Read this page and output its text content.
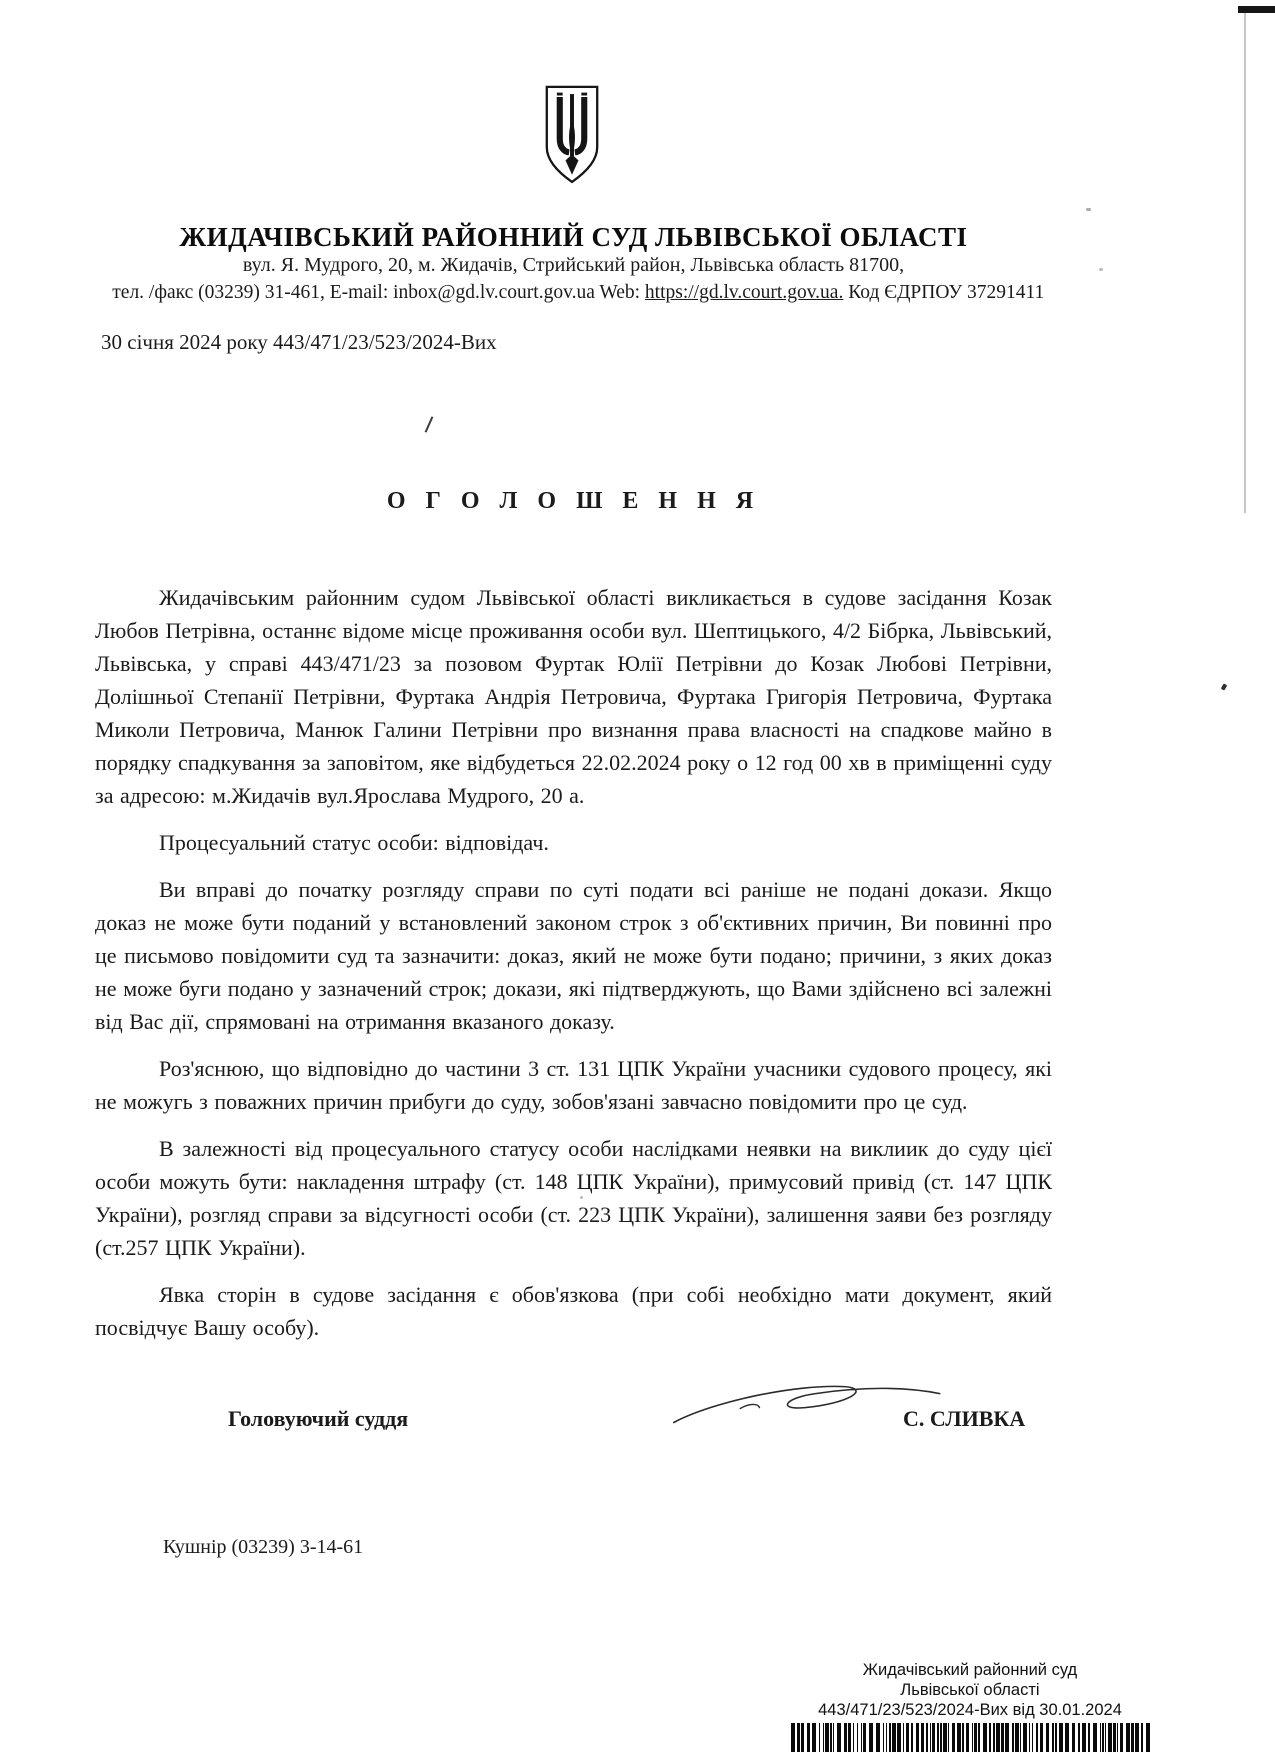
ЖИДАЧІВСЬКИЙ РАЙОННИЙ СУД ЛЬВІВСЬКОЇ ОБЛАСТІ
вул. Я. Мудрого, 20, м. Жидачів, Стрийський район, Львівська область 81700,
тел. /факс (03239) 31-461, E-mail: inbox@gd.lv.court.gov.ua Web: https://gd.lv.court.gov.ua. Код ЄДРПОУ 37291411
30 січня 2024 року 443/471/23/523/2024-Вих
О Г О Л О Ш Е Н Н Я

Жидачівським районним судом Львівської області викликається в судове засідання Козак Любов Петрівна, останнє відоме місце проживання особи вул. Шептицького, 4/2 Бібрка, Львівський, Львівська, у справі 443/471/23 за позовом Фуртак Юлії Петрівни до Козак Любові Петрівни, Долішньої Степанії Петрівни, Фуртака Андрія Петровича, Фуртака Григорія Петровича, Фуртака Миколи Петровича, Манюк Галини Петрівни про визнання права власності на спадкове майно в порядку спадкування за заповітом, яке відбудеться 22.02.2024 року о 12 год 00 хв в приміщенні суду за адресою: м.Жидачів вул.Ярослава Мудрого, 20 а.

Процесуальний статус особи: відповідач.

Ви вправі до початку розгляду справи по суті подати всі раніше не подані докази. Якщо доказ не може бути поданий у встановлений законом строк з об'єктивних причин, Ви повинні про це письмово повідомити суд та зазначити: доказ, який не може бути подано; причини, з яких доказ не може буги подано у зазначений строк; докази, які підтверджують, що Вами здійснено всі залежні від Вас дії, спрямовані на отримання вказаного доказу.

Роз'яснюю, що відповідно до частини 3 ст. 131 ЦПК України учасники судового процесу, які не можугь з поважних причин прибуги до суду, зобов'язані завчасно повідомити про це суд.

В залежності від процесуального статусу особи наслідками неявки на виклиик до суду цієї особи можуть бути: накладення штрафу (ст. 148 ЦПК України), примусовий привід (ст. 147 ЦПК України), розгляд справи за відсугності особи (ст. 223 ЦПК України), залишення заяви без розгляду (ст.257 ЦПК України).

Явка сторін в судове засідання є обов'язкова (при собі необхідно мати документ, який посвідчує Вашу особу).

Головуючий суддя	С. СЛИВКА
Кушнір (03239) 3-14-61
Жидачівський районний суд
Львівської області
443/471/23/523/2024-Вих від 30.01.2024
